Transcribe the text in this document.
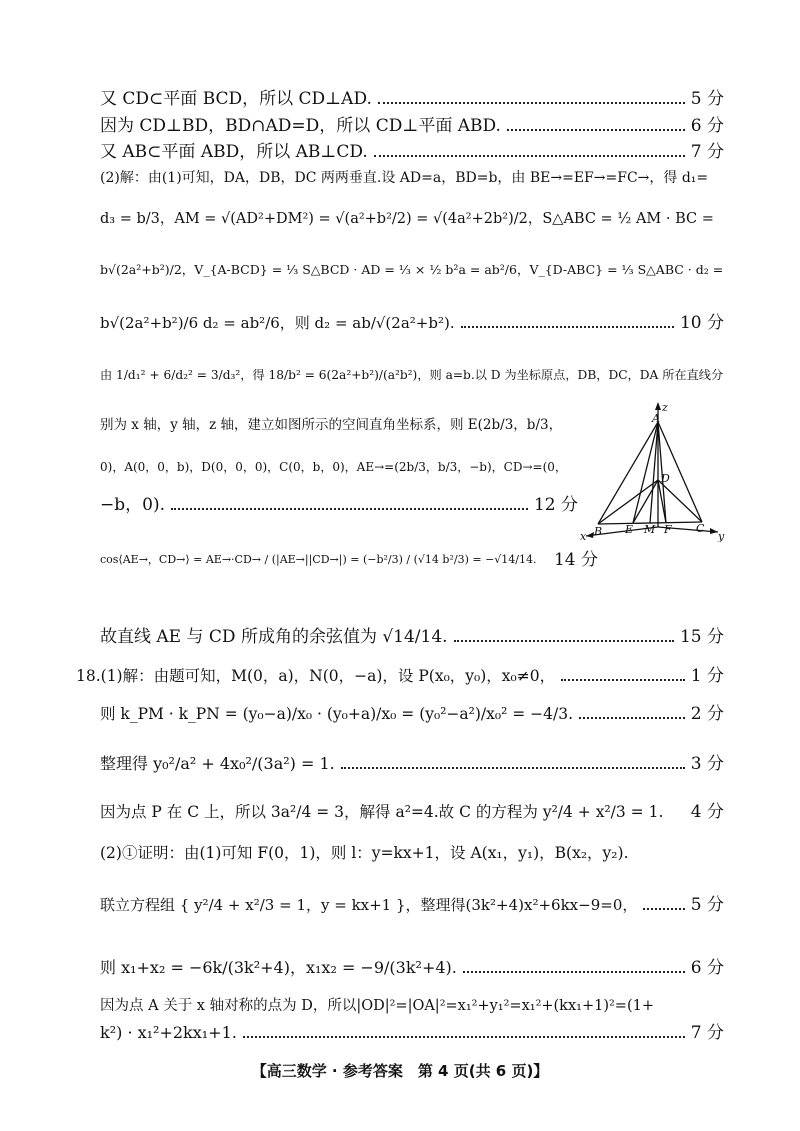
又 CD⊂平面 BCD，所以 CD⊥AD.	5 分
因为 CD⊥BD，BD∩AD=D，所以 CD⊥平面 ABD.	6 分
又 AB⊂平面 ABD，所以 AB⊥CD.	7 分
(2)解：由(1)可知，DA，DB，DC 两两垂直.设 AD=a，BD=b，由 BE→=EF→=FC→，得 d₁=
d₃ = b/3，AM = √(AD²+DM²) = √(a²+b²/2) = √(4a²+2b²)/2，S△ABC = ½ AM · BC =
b√(2a²+b²)/2，V_{A-BCD} = ⅓ S△BCD · AD = ⅓ × ½ b²a = ab²/6，V_{D-ABC} = ⅓ S△ABC · d₂ =
b√(2a²+b²)/6 d₂ = ab²/6，则 d₂ = ab/√(2a²+b²).	10 分
由 1/d₁² + 6/d₂² = 3/d₃²，得 18/b² = 6(2a²+b²)/(a²b²)，则 a=b.以 D 为坐标原点，DB，DC，DA 所在直线分
别为 x 轴，y 轴，z 轴，建立如图所示的空间直角坐标系，则 E(2b/3，b/3，
0)，A(0，0，b)，D(0，0，0)，C(0，b，0)，AE→=(2b/3，b/3，−b)，CD→=(0，
−b，0).	12 分
cos⟨AE→，CD→⟩ = AE→·CD→ / (|AE→||CD→|) = (−b²/3) / (√14 b²/3) = −√14/14. 14 分
故直线 AE 与 CD 所成角的余弦值为 √14/14.	15 分
18.(1)解：由题可知，M(0，a)，N(0，−a)，设 P(x₀，y₀)，x₀≠0，	1 分
则 k_PM · k_PN = (y₀−a)/x₀ · (y₀+a)/x₀ = (y₀²−a²)/x₀² = −4/3.	2 分
整理得 y₀²/a² + 4x₀²/(3a²) = 1.	3 分
因为点 P 在 C 上，所以 3a²/4 = 3，解得 a²=4.故 C 的方程为 y²/4 + x²/3 = 1. 4 分
(2)①证明：由(1)可知 F(0，1)，则 l：y=kx+1，设 A(x₁，y₁)，B(x₂，y₂).
联立方程组 { y²/4 + x²/3 = 1，y = kx+1 }，整理得(3k²+4)x²+6kx−9=0，	5 分
则 x₁+x₂ = −6k/(3k²+4)，x₁x₂ = −9/(3k²+4).	6 分
因为点 A 关于 x 轴对称的点为 D，所以|OD|²=|OA|²=x₁²+y₁²=x₁²+(kx₁+1)²=(1+
k²) · x₁²+2kx₁+1.	7 分
z
A
D
B E M F C
x	y
【高三数学 · 参考答案　第 4 页(共 6 页)】
